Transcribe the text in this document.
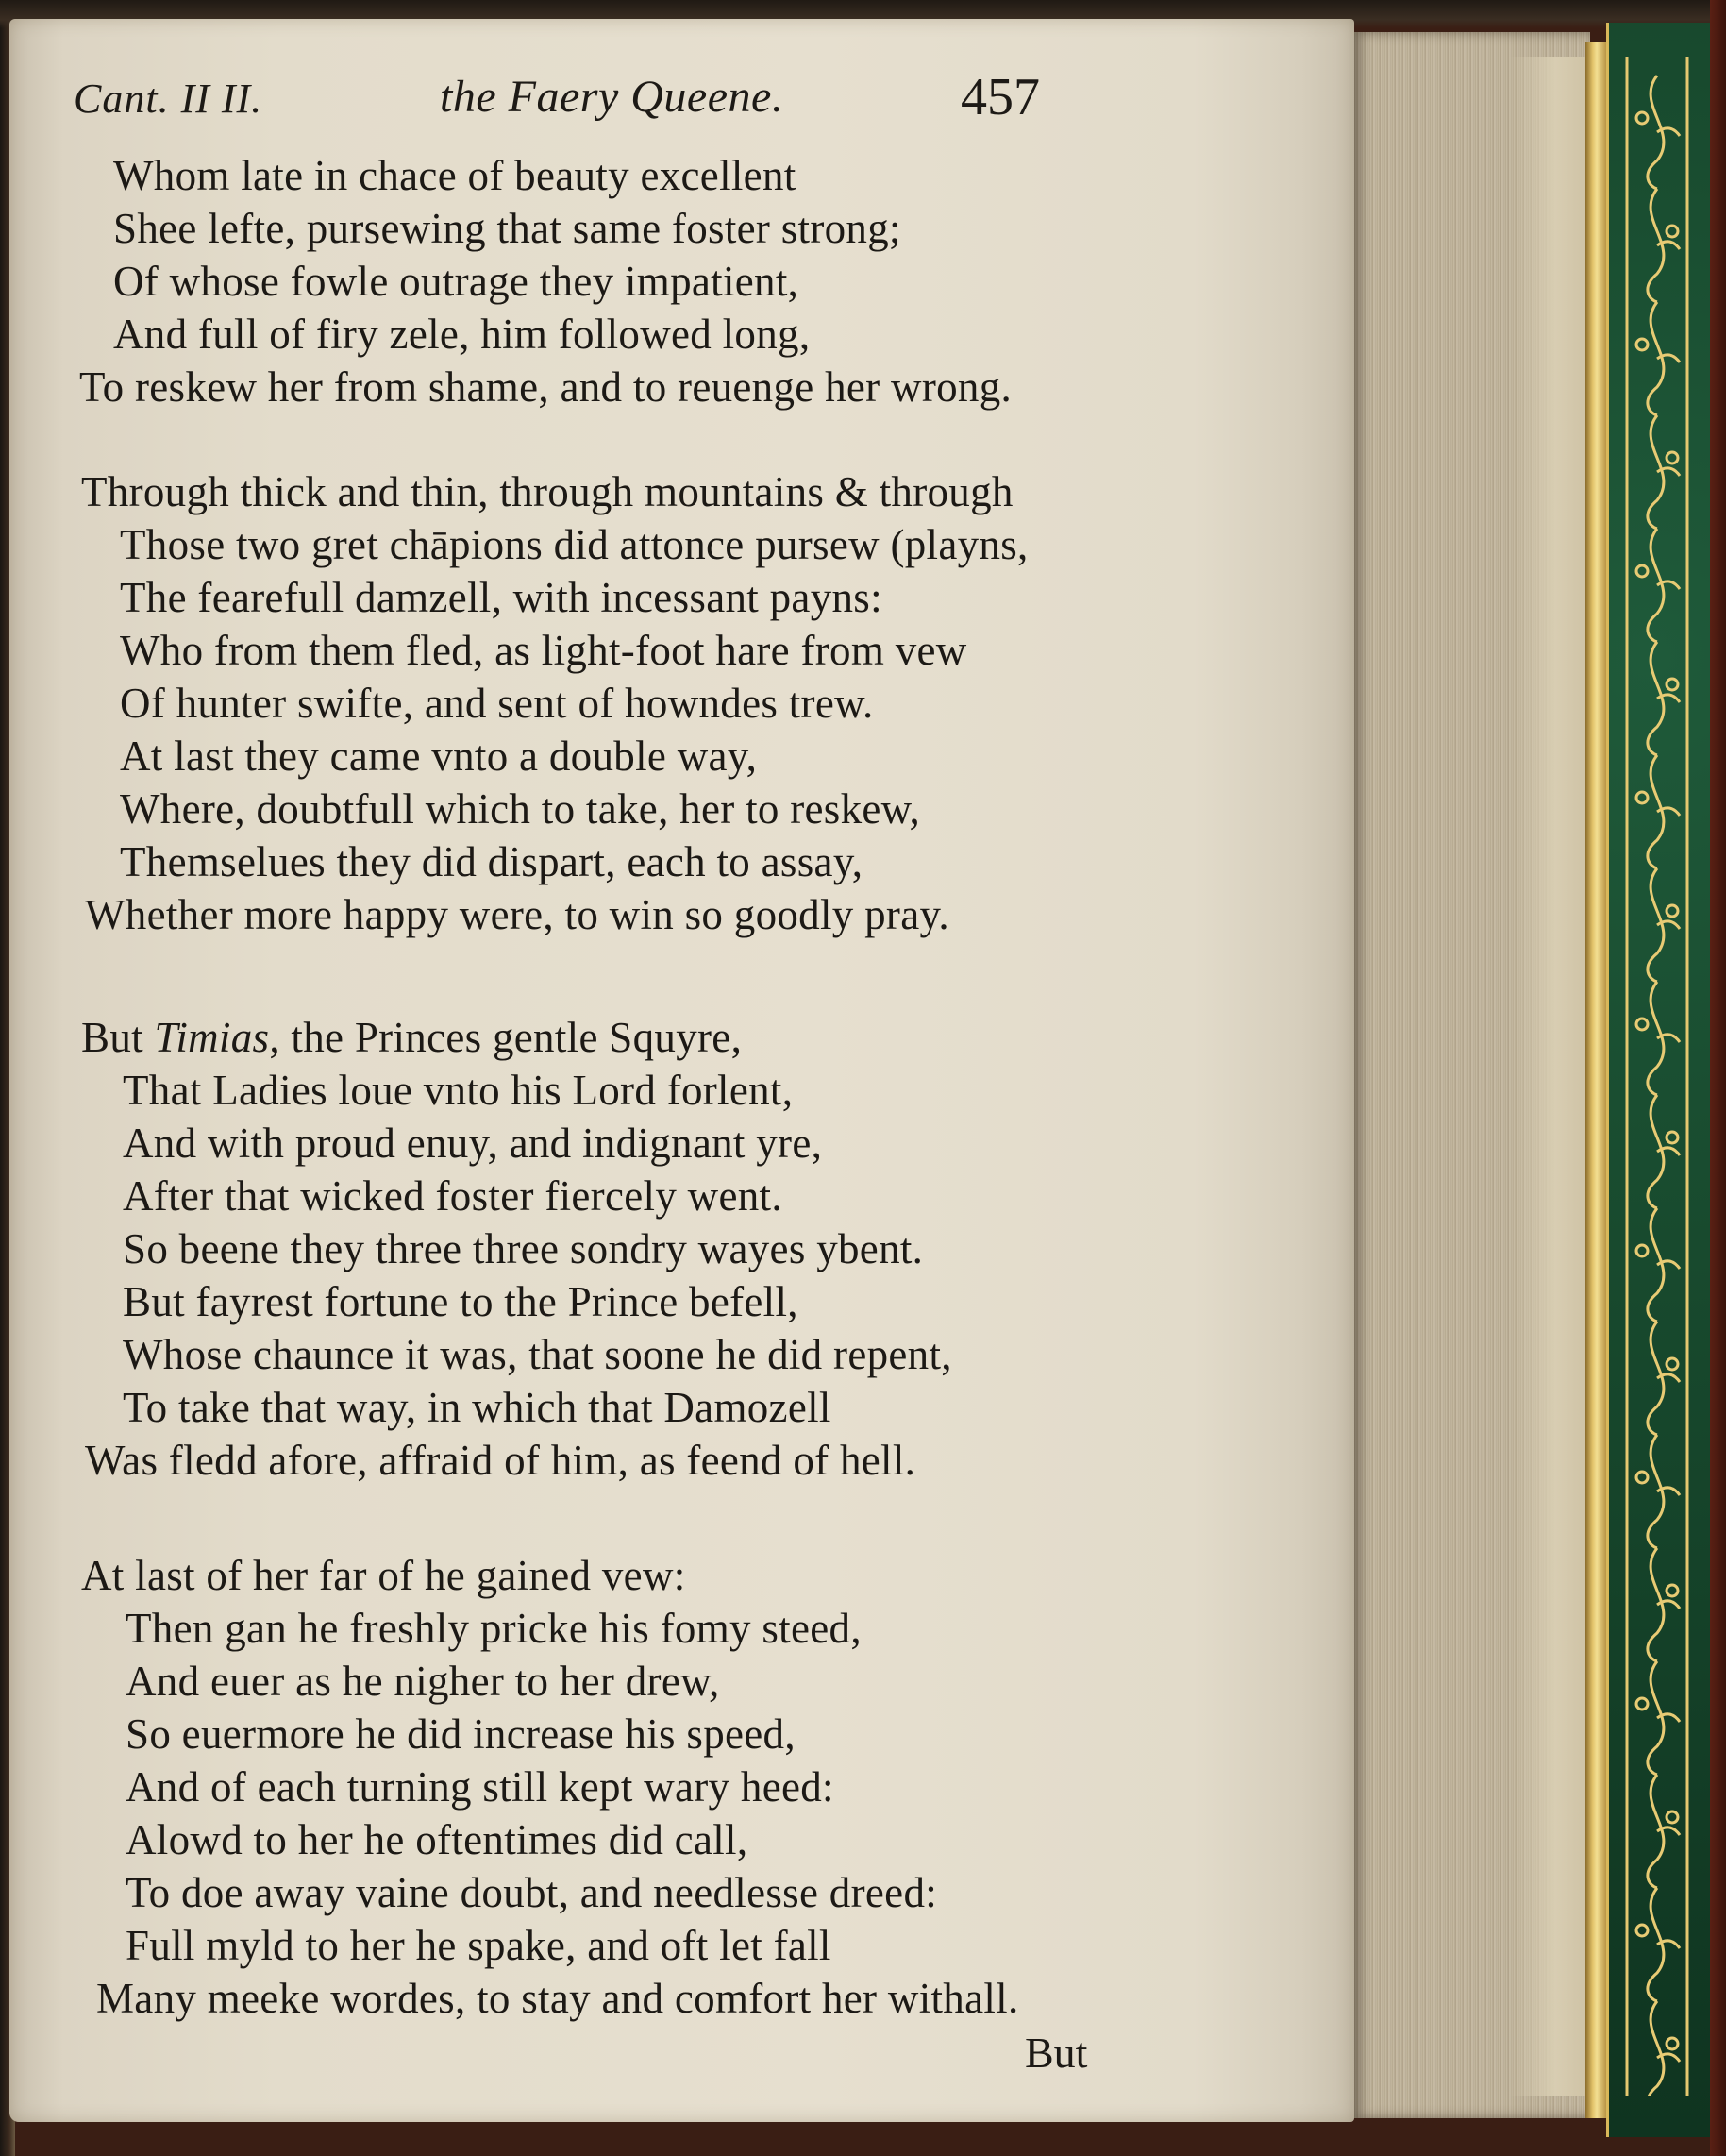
Cant. II II.	the Faery Queene.	457
Whom late in chace of beauty excellent
Shee lefte, pursewing that same foster strong;
Of whose fowle outrage they impatient,
And full of firy zele, him followed long,
To reskew her from shame, and to reuenge her wrong.
Through thick and thin, through mountains & through
Those two gret chāpions did attonce pursew (playns,
The fearefull damzell, with incessant payns:
Who from them fled, as light-foot hare from vew
Of hunter swifte, and sent of howndes trew.
At last they came vnto a double way,
Where, doubtfull which to take, her to reskew,
Themselues they did dispart, each to assay,
Whether more happy were, to win so goodly pray.
But Timias, the Princes gentle Squyre,
That Ladies loue vnto his Lord forlent,
And with proud enuy, and indignant yre,
After that wicked foster fiercely went.
So beene they three three sondry wayes ybent.
But fayrest fortune to the Prince befell,
Whose chaunce it was, that soone he did repent,
To take that way, in which that Damozell
Was fledd afore, affraid of him, as feend of hell.
At last of her far of he gained vew:
Then gan he freshly pricke his fomy steed,
And euer as he nigher to her drew,
So euermore he did increase his speed,
And of each turning still kept wary heed:
Alowd to her he oftentimes did call,
To doe away vaine doubt, and needlesse dreed:
Full myld to her he spake, and oft let fall
Many meeke wordes, to stay and comfort her withall.
But
